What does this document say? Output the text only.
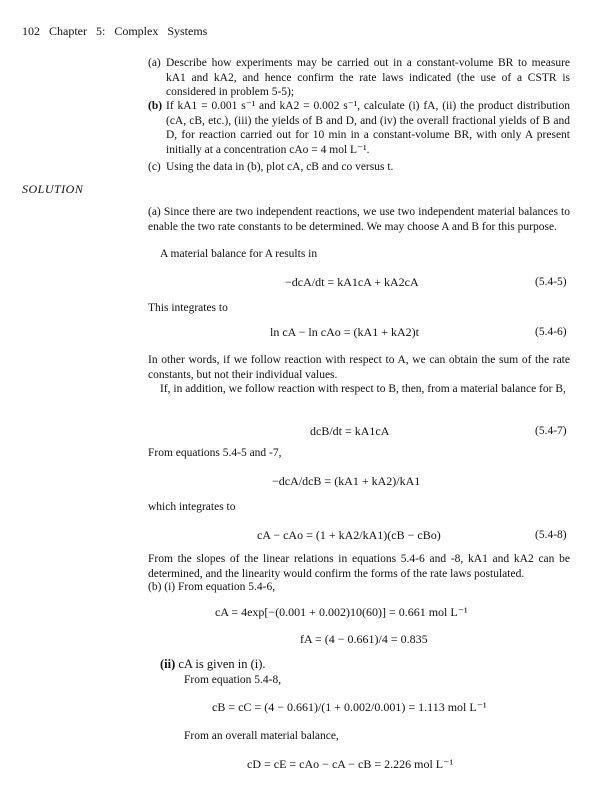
102   Chapter   5:   Complex   Systems
(a) Describe how experiments may be carried out in a constant-volume BR to measure kA1 and kA2, and hence confirm the rate laws indicated (the use of a CSTR is considered in problem 5-5);
(b) If kA1 = 0.001 s⁻¹ and kA2 = 0.002 s⁻¹, calculate (i) fA, (ii) the product distribution (cA, cB, etc.), (iii) the yields of B and D, and (iv) the overall fractional yields of B and D, for reaction carried out for 10 min in a constant-volume BR, with only A present initially at a concentration cAo = 4 mol L⁻¹.
(c) Using the data in (b), plot cA, cB and co versus t.
SOLUTION

(a) Since there are two independent reactions, we use two independent material balances to enable the two rate constants to be determined. We may choose A and B for this purpose.

A material balance for A results in

−dcA/dt = kA1cA + kA2cA	(5.4-5)

This integrates to

ln cA − ln cAo = (kA1 + kA2)t	(5.4-6)

In other words, if we follow reaction with respect to A, we can obtain the sum of the rate constants, but not their individual values.

If, in addition, we follow reaction with respect to B, then, from a material balance for B,

dcB/dt = kA1cA	(5.4-7)

From equations 5.4-5 and -7,

−dcA/dcB = (kA1 + kA2)/kA1

which integrates to

cA − cAo = (1 + kA2/kA1)(cB − cBo)	(5.4-8)

From the slopes of the linear relations in equations 5.4-6 and -8, kA1 and kA2 can be determined, and the linearity would confirm the forms of the rate laws postulated.

(b) (i) From equation 5.4-6,

cA = 4exp[−(0.001 + 0.002)10(60)] = 0.661 mol L⁻¹
fA = (4 − 0.661)/4 = 0.835
(ii) cA is given in (i).

From equation 5.4-8,

cB = cC = (4 − 0.661)/(1 + 0.002/0.001) = 1.113 mol L⁻¹

From an overall material balance,

cD = cE = cAo − cA − cB = 2.226 mol L⁻¹
